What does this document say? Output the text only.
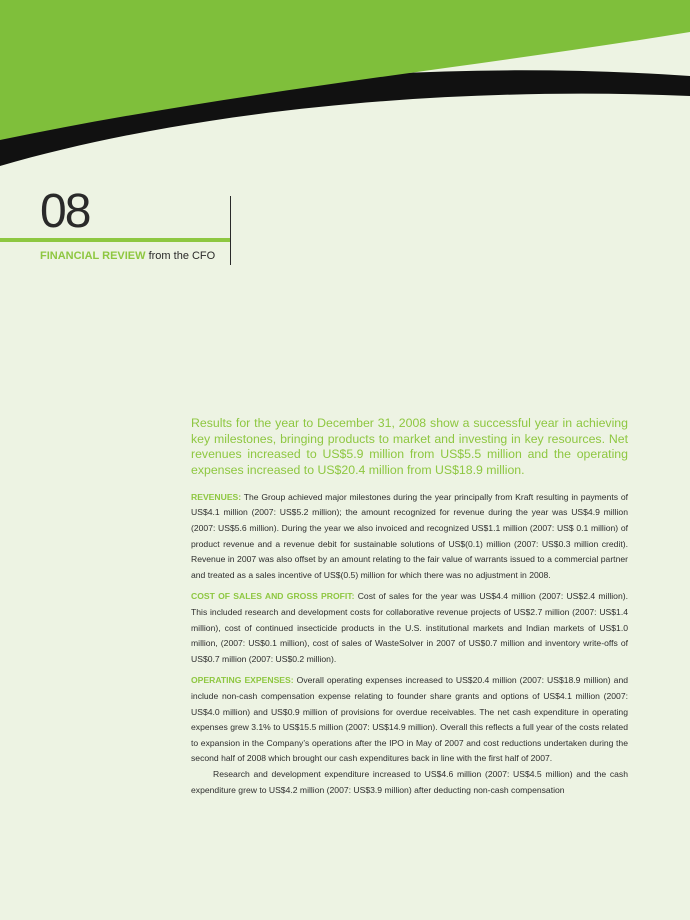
08
FINANCIAL REVIEW from the CFO

Results for the year to December 31, 2008 show a successful year in achieving key milestones, bringing products to market and investing in key resources. Net revenues increased to US$5.9 million from US$5.5 million and the operating expenses increased to US$20.4 million from US$18.9 million.

REVENUES: The Group achieved major milestones during the year principally from Kraft resulting in payments of US$4.1 million (2007: US$5.2 million); the amount recognized for revenue during the year was US$4.9 million (2007: US$5.6 million). During the year we also invoiced and recognized US$1.1 million (2007: US$ 0.1 million) of product revenue and a revenue debit for sustainable solutions of US$(0.1) million (2007: US$0.3 million credit). Revenue in 2007 was also offset by an amount relating to the fair value of warrants issued to a commercial partner and treated as a sales incentive of US$(0.5) million for which there was no adjustment in 2008.

COST OF SALES AND GROSS PROFIT: Cost of sales for the year was US$4.4 million (2007: US$2.4 million). This included research and development costs for collaborative revenue projects of US$2.7 million (2007: US$1.4 million), cost of continued insecticide products in the U.S. institutional markets and Indian markets of US$1.0 million, (2007: US$0.1 million), cost of sales of WasteSolver in 2007 of US$0.7 million and inventory write-offs of US$0.7 million (2007: US$0.2 million).

OPERATING EXPENSES: Overall operating expenses increased to US$20.4 million (2007: US$18.9 million) and include non-cash compensation expense relating to founder share grants and options of US$4.1 million (2007: US$4.0 million) and US$0.9 million of provisions for overdue receivables. The net cash expenditure in operating expenses grew 3.1% to US$15.5 million (2007: US$14.9 million). Overall this reflects a full year of the costs related to expansion in the Company’s operations after the IPO in May of 2007 and cost reductions undertaken during the second half of 2008 which brought our cash expenditures back in line with the first half of 2007.

Research and development expenditure increased to US$4.6 million (2007: US$4.5 million) and the cash expenditure grew to US$4.2 million (2007: US$3.9 million) after deducting non-cash compensation
